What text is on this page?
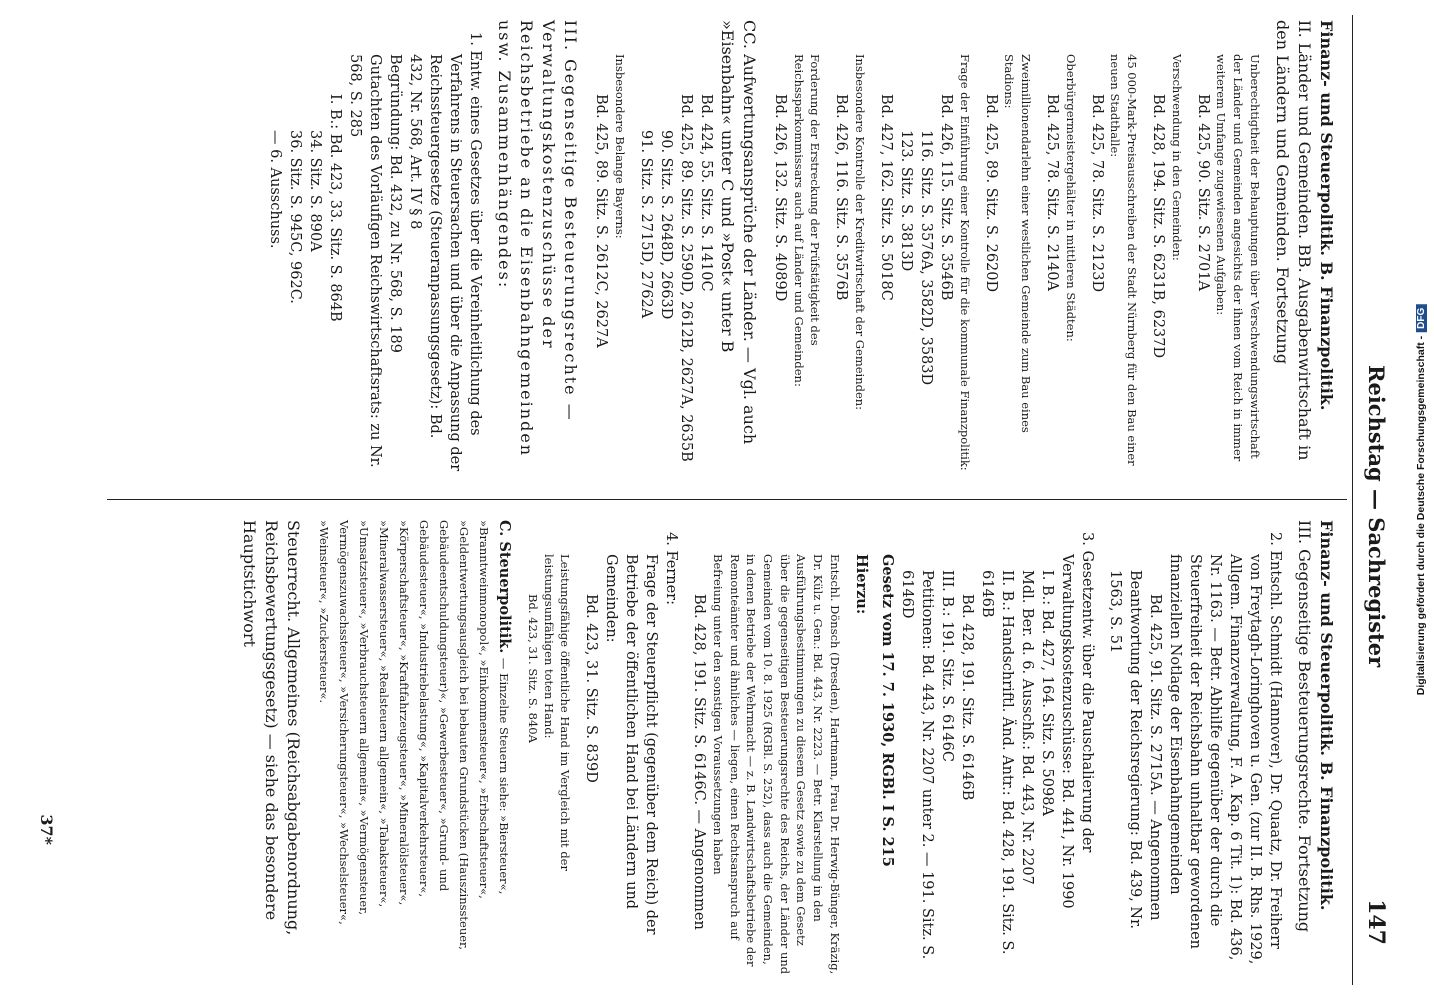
Reichstag — Sachregister
147
Finanz- und Steuerpolitik. B. Finanzpolitik.
II. Länder und Gemeinden. BB. Ausgabenwirtschaft in den Ländern und Gemeinden. Fortsetzung
Unberechtigtheit der Behauptungen über Verschwendungswirtschaft der Länder und Gemeinden angesichts der ihnen vom Reich in immer weiterem Umfange zugewiesenen Aufgaben:
Bd. 425, 90. Sitz. S. 2701A
Verschwendung in den Gemeinden:
Bd. 428, 194. Sitz. S. 6231B, 6237D
45 000-Mark-Preisausschreiben der Stadt Nürnberg für den Bau einer neuen Stadthalle:
Bd. 425, 78. Sitz. S. 2123D
Oberbürgermeistergehälter in mittleren Städten:
Bd. 425, 78. Sitz. S. 2140A
Zweimillionendarlehn einer westlichen Gemeinde zum Bau eines Stadions:
Bd. 425, 89. Sitz. S. 2620D
Frage der Einführung einer Kontrolle für die kommunale Finanzpolitik:
Bd. 426, 115. Sitz. S. 3546B
116. Sitz. S. 3576A, 3582D, 3583D
123. Sitz. S. 3813D
Bd. 427, 162. Sitz. S. 5018C
Insbesondere Kontrolle der Kreditwirtschaft der Gemeinden:
Bd. 426, 116. Sitz. S. 3576B
Forderung der Erstreckung der Prüfstätigkeit des Reichssparkommissars auch auf Länder und Gemeinden:
Bd. 426, 132. Sitz. S. 4089D
CC. Aufwertungsansprüche der Länder. — Vgl. auch »Eisenbahn« unter C und »Post« unter B
Bd. 424, 55. Sitz. S. 1410C
Bd. 425, 89. Sitz. S. 2590D, 2612B, 2627A, 2635B
90. Sitz. S. 2648D, 2663D
91. Sitz. S. 2715D, 2762A
Insbesondere Belange Bayerns:
Bd. 425, 89. Sitz. S. 2612C, 2627A
III. Gegenseitige Besteuerungsrechte — Verwaltungskostenzuschüsse der Reichsbetriebe an die Eisenbahngemeinden usw. Zusammenhängendes:
1. Entw. eines Gesetzes über die Vereinheitlichung des Verfahrens in Steuersachen und über die Anpassung der Reichssteuergesetze (Steueranpassungsgesetz): Bd. 432, Nr. 568, Art. IV § 8
Begründung: Bd. 432, zu Nr. 568, S. 189
Gutachten des Vorläufigen Reichswirtschaftsrats: zu Nr. 568, S. 285
I. B.: Bd. 423, 33. Sitz. S. 864B
34. Sitz. S. 890A
36. Sitz. S. 945C, 962C.
— 6. Ausschuss.
Finanz- und Steuerpolitik. B. Finanzpolitik.
III. Gegenseitige Besteuerungsrechte. Fortsetzung
2. Entschl. Schmidt (Hannover), Dr. Quaatz, Dr. Freiherr von Freytagh-Loringhoven u. Gen. (zur II. B. Rhs. 1929, Allgem. Finanzverwaltung, F. A. Kap. 6 Tit. 1): Bd. 436, Nr. 1163. — Betr. Abhilfe gegenüber der durch die Steuerfreiheit der Reichsbahn unhaltbar gewordenen finanziellen Notlage der Eisenbahngemeinden
Bd. 425, 91. Sitz. S. 2715A. — Angenommen
Beantwortung der Reichsregierung: Bd. 439, Nr. 1563, S. 51
3. Gesetzentw. über die Pauschalierung der Verwaltungskostenzuschüsse: Bd. 441, Nr. 1990
I. B.: Bd. 427, 164. Sitz. S. 5098A
Mdl. Ber. d. 6. Ausschß.: Bd. 443, Nr. 2207
II. B.: Handschriftl. Änd. Antr.: Bd. 428, 191. Sitz. S. 6146B
Bd. 428, 191. Sitz. S. 6146B
III. B.: 191. Sitz. S. 6146C
Petitionen: Bd. 443, Nr. 2207 unter 2. — 191. Sitz. S. 6146D
Gesetz vom 17. 7. 1930, RGBl. I S. 215
Hierzu:
Entschl. Dönsch (Dresden), Hartmann, Frau Dr. Herwig-Bünger, Kräzig, Dr. Külz u. Gen.: Bd. 443, Nr. 2223. — Betr. Klarstellung in den Ausführungsbestimmungen zu diesem Gesetz sowie zu dem Gesetz über die gegenseitigen Besteuerungsrechte des Reichs, der Länder und Gemeinden vom 10. 8. 1925 (RGBl. S. 252), dass auch die Gemeinden, in denen Betriebe der Wehrmacht — z. B. Landwirtschaftsbetriebe der Remonteämter und ähnliches — liegen, einen Rechtsanspruch auf Befreiung unter den sonstigen Voraussetzungen haben
Bd. 428, 191. Sitz. S. 6146C. — Angenommen
4. Ferner:
Frage der Steuerpflicht (gegenüber dem Reich) der Betriebe der öffentlichen Hand bei Ländern und Gemeinden:
Bd. 423, 31. Sitz. S. 839D
Leistungsfähige öffentliche Hand im Vergleich mit der leistungsunfähigen toten Hand:
Bd. 423, 31. Sitz. S. 840A
C. Steuerpolitik. — Einzelne Steuern siehe: »Biersteuer«, »Branntweinmonopol«, »Einkommensteuer«, »Erbschaftsteuer«, »Geldentwertungsausgleich bei bebauten Grundstücken (Hauszinssteuer, Gebäudeentschuldungsteuer)«, »Gewerbesteuer«, »Grund- und Gebäudesteuer«, »Industriebelastung«, »Kapitalverkehrsteuer«, »Körperschaftsteuer«, »Kraftfahrzeugsteuer«, »Mineralölsteuer«, »Mineralwassersteuer«, »Realsteuern allgemein«, »Tabaksteuer«, »Umsatzsteuer«, »Verbrauchsteuern allgemein«, »Vermögensteuer, Vermögenszuwachssteuer«, »Versicherungsteuer«, »Wechselsteuer«, »Weinsteuer«, »Zuckersteuer«.
Steuerrecht. Allgemeines (Reichsabgabenordnung, Reichsbewertungsgesetz) — siehe das besondere Hauptstichwort
37*
Digitalisierung gefördert durch die Deutsche Forschungsgemeinschaft -DFG
